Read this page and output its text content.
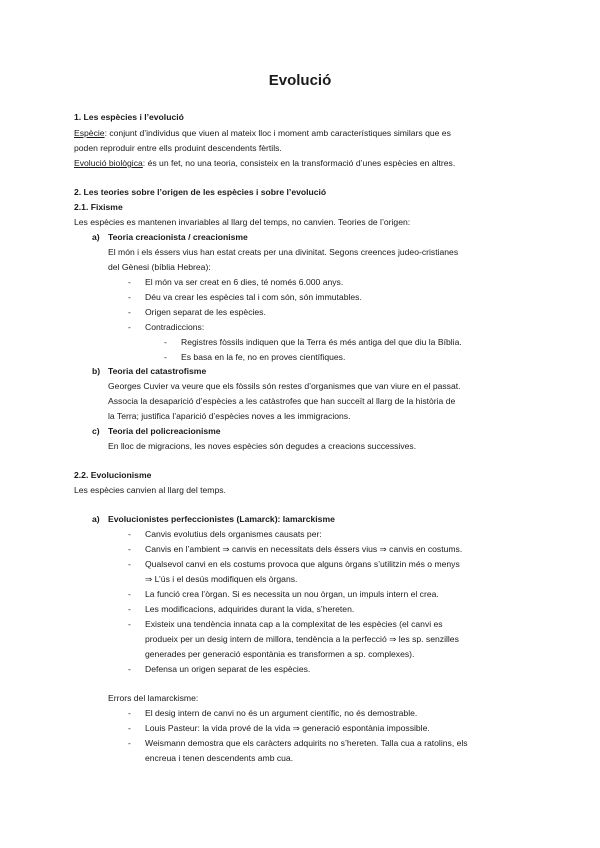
Evolució
1. Les espècies i l’evolució
Espècie: conjunt d’individus que viuen al mateix lloc i moment amb característiques similars que es
poden reproduir entre ells produint descendents fèrtils.
Evolució biològica: és un fet, no una teoria, consisteix en la transformació d’unes espècies en altres.
2. Les teories sobre l’origen de les espècies i sobre l’evolució
2.1. Fixisme
Les espècies es mantenen invariables al llarg del temps, no canvien. Teories de l’origen:
a) Teoria creacionista / creacionisme
El món i els éssers vius han estat creats per una divinitat. Segons creences judeo-cristianes
del Gènesi (bíblia Hebrea):
- El món va ser creat en 6 dies, té només 6.000 anys.
- Déu va crear les espècies tal i com són, són immutables.
- Origen separat de les espècies.
- Contradiccions:
- Registres fòssils indiquen que la Terra és més antiga del que diu la Bíblia.
- Es basa en la fe, no en proves científiques.
b) Teoria del catastrofisme
Georges Cuvier va veure que els fòssils són restes d’organismes que van viure en el passat.
Associa la desaparició d’espècies a les catàstrofes que han succeït al llarg de la història de
la Terra; justifica l’aparició d’espècies noves a les immigracions.
c) Teoria del policreacionisme
En lloc de migracions, les noves espècies són degudes a creacions successives.
2.2. Evolucionisme
Les espècies canvien al llarg del temps.
a) Evolucionistes perfeccionistes (Lamarck): lamarckisme
- Canvis evolutius dels organismes causats per:
- Canvis en l’ambient ⇒ canvis en necessitats dels éssers vius ⇒ canvis en costums.
- Qualsevol canvi en els costums provoca que alguns òrgans s’utilitzin més o menys
⇒ L’ús i el desús modifiquen els òrgans.
- La funció crea l’òrgan. Si es necessita un nou òrgan, un impuls intern el crea.
- Les modificacions, adquirides durant la vida, s’hereten.
- Existeix una tendència innata cap a la complexitat de les espècies (el canvi es
produeix per un desig intern de millora, tendència a la perfecció ⇒ les sp. senzilles
generades per generació espontània es transformen a sp. complexes).
- Defensa un origen separat de les espècies.
Errors del lamarckisme:
- El desig intern de canvi no és un argument científic, no és demostrable.
- Louis Pasteur: la vida prové de la vida ⇒ generació espontània impossible.
- Weismann demostra que els caràcters adquirits no s’hereten. Talla cua a ratolins, els
encreua i tenen descendents amb cua.
